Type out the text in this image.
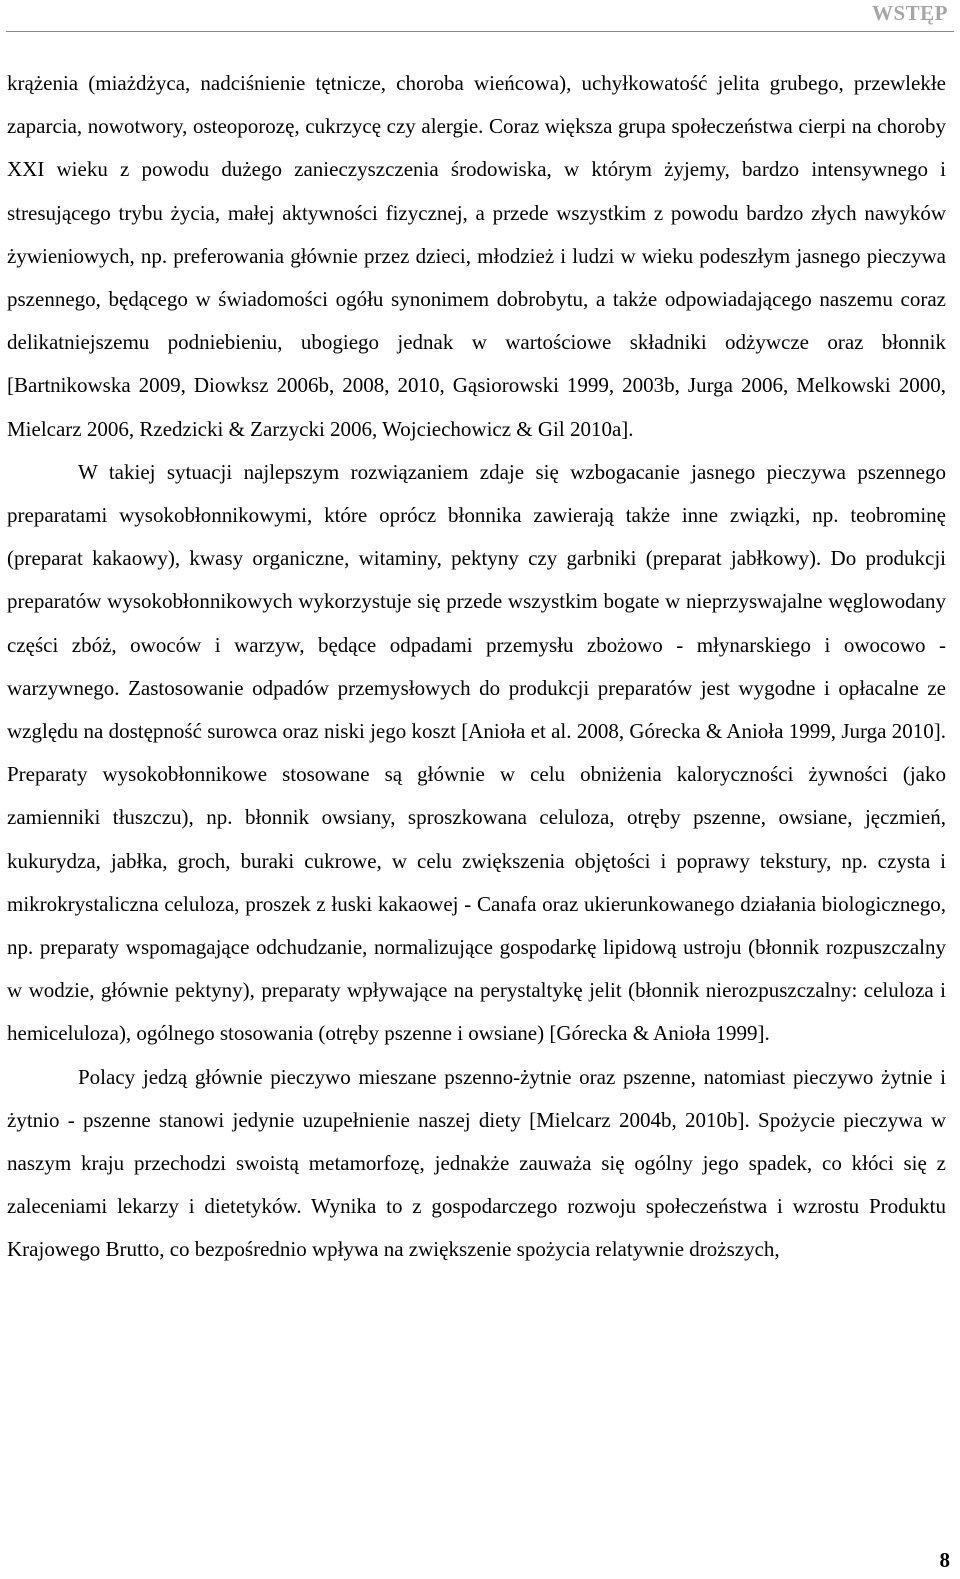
WSTĘP

krążenia (miażdżyca, nadciśnienie tętnicze, choroba wieńcowa), uchyłkowatość jelita grubego, przewlekłe zaparcia, nowotwory, osteoporozę, cukrzycę czy alergie. Coraz większa grupa społeczeństwa cierpi na choroby XXI wieku z powodu dużego zanieczyszczenia środowiska, w którym żyjemy, bardzo intensywnego i stresującego trybu życia, małej aktywności fizycznej, a przede wszystkim z powodu bardzo złych nawyków żywieniowych, np. preferowania głównie przez dzieci, młodzież i ludzi w wieku podeszłym jasnego pieczywa pszennego, będącego w świadomości ogółu synonimem dobrobytu, a także odpowiadającego naszemu coraz delikatniejszemu podniebieniu, ubogiego jednak w wartościowe składniki odżywcze oraz błonnik [Bartnikowska 2009, Diowksz 2006b, 2008, 2010, Gąsiorowski 1999, 2003b, Jurga 2006, Melkowski 2000, Mielcarz 2006, Rzedzicki & Zarzycki 2006, Wojciechowicz & Gil 2010a].

W takiej sytuacji najlepszym rozwiązaniem zdaje się wzbogacanie jasnego pieczywa pszennego preparatami wysokobłonnikowymi, które oprócz błonnika zawierają także inne związki, np. teobrominę (preparat kakaowy), kwasy organiczne, witaminy, pektyny czy garbniki (preparat jabłkowy). Do produkcji preparatów wysokobłonnikowych wykorzystuje się przede wszystkim bogate w nieprzyswajalne węglowodany części zbóż, owoców i warzyw, będące odpadami przemysłu zbożowo - młynarskiego i owocowo - warzywnego. Zastosowanie odpadów przemysłowych do produkcji preparatów jest wygodne i opłacalne ze względu na dostępność surowca oraz niski jego koszt [Anioła et al. 2008, Górecka & Anioła 1999, Jurga 2010]. Preparaty wysokobłonnikowe stosowane są głównie w celu obniżenia kaloryczności żywności (jako zamienniki tłuszczu), np. błonnik owsiany, sproszkowana celuloza, otręby pszenne, owsiane, jęczmień, kukurydza, jabłka, groch, buraki cukrowe, w celu zwiększenia objętości i poprawy tekstury, np. czysta i mikrokrystaliczna celuloza, proszek z łuski kakaowej - Canafa oraz ukierunkowanego działania biologicznego, np. preparaty wspomagające odchudzanie, normalizujące gospodarkę lipidową ustroju (błonnik rozpuszczalny w wodzie, głównie pektyny), preparaty wpływające na perystaltykę jelit (błonnik nierozpuszczalny: celuloza i hemiceluloza), ogólnego stosowania (otręby pszenne i owsiane) [Górecka & Anioła 1999].

Polacy jedzą głównie pieczywo mieszane pszenno-żytnie oraz pszenne, natomiast pieczywo żytnie i żytnio - pszenne stanowi jedynie uzupełnienie naszej diety [Mielcarz 2004b, 2010b]. Spożycie pieczywa w naszym kraju przechodzi swoistą metamorfozę, jednakże zauważa się ogólny jego spadek, co kłóci się z zaleceniami lekarzy i dietetyków. Wynika to z gospodarczego rozwoju społeczeństwa i wzrostu Produktu Krajowego Brutto, co bezpośrednio wpływa na zwiększenie spożycia relatywnie droższych,

8
